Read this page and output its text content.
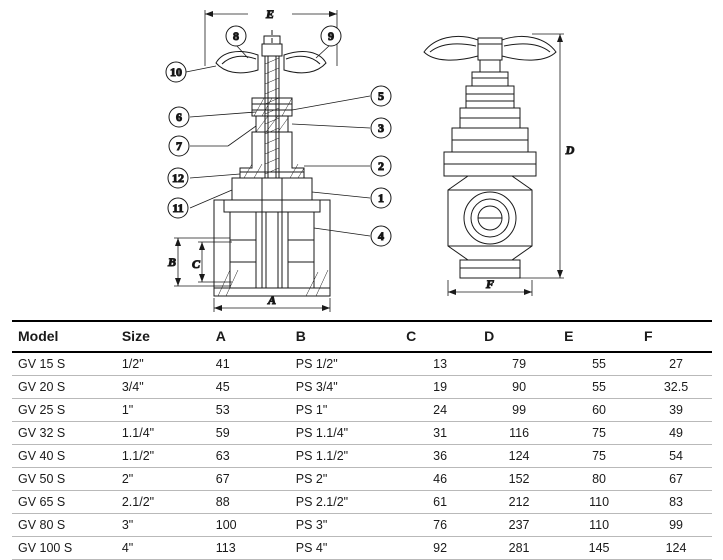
E
A
B C
8	9
10
5
3
6
7
2
1
4
12
11
D
F
Model	Size	A	B	C	D	E	F
GV 15 S	1/2"	41	PS 1/2"	13	79	55	27
GV 20 S	3/4"	45	PS 3/4"	19	90	55	32.5
GV 25 S	1"	53	PS 1"	24	99	60	39
GV 32 S	1.1/4"	59	PS 1.1/4"	31	116	75	49
GV 40 S	1.1/2"	63	PS 1.1/2"	36	124	75	54
GV 50 S	2"	67	PS 2"	46	152	80	67
GV 65 S	2.1/2"	88	PS 2.1/2"	61	212	110	83
GV 80 S	3"	100	PS 3"	76	237	110	99
GV 100 S	4"	113	PS 4"	92	281	145	124
